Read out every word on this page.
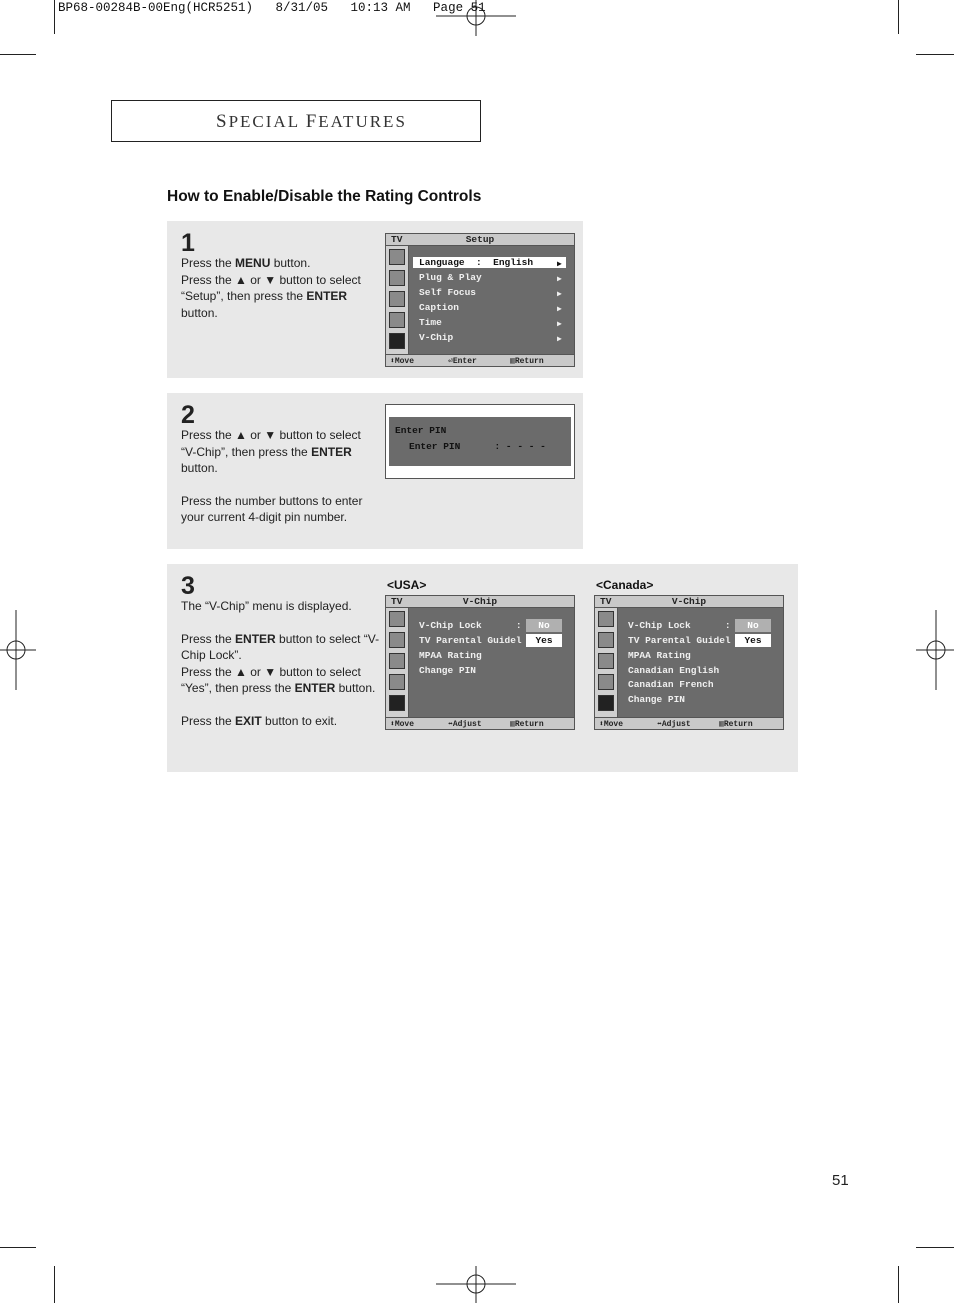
BP68-00284B-00Eng(HCR5251)   8/31/05   10:13 AM   Page 51
SPECIAL FEATURES
How to Enable/Disable the Rating Controls
1
Press the MENU button.
Press the ▲ or ▼ button to select
“Setup”, then press the ENTER
button.
TV	Setup
Language  :  English
Plug & Play
Self Focus
Caption
Time
V-Chip
▶
▶
▶
▶
▶
▶
⬍Move	⏎Enter	▥Return
2
Press the ▲ or ▼ button to select
“V-Chip”, then press the ENTER
button.
Press the number buttons to enter
your current 4-digit pin number.
Enter PIN
Enter PIN      : - - - -
3
The “V-Chip” menu is displayed.
Press the ENTER button to select “V-
Chip Lock”.
Press the ▲ or ▼ button to select
“Yes”, then press the ENTER button.
Press the EXIT button to exit.
<USA>
TV	V-Chip
V-Chip Lock      :
TV Parental Guidel
MPAA Rating
Change PIN
No
Yes
⬍Move	⬌Adjust	▥Return
<Canada>
TV	V-Chip
V-Chip Lock      :
TV Parental Guidel
MPAA Rating
Canadian English
Canadian French
Change PIN
No
Yes
⬍Move	⬌Adjust	▥Return
51
